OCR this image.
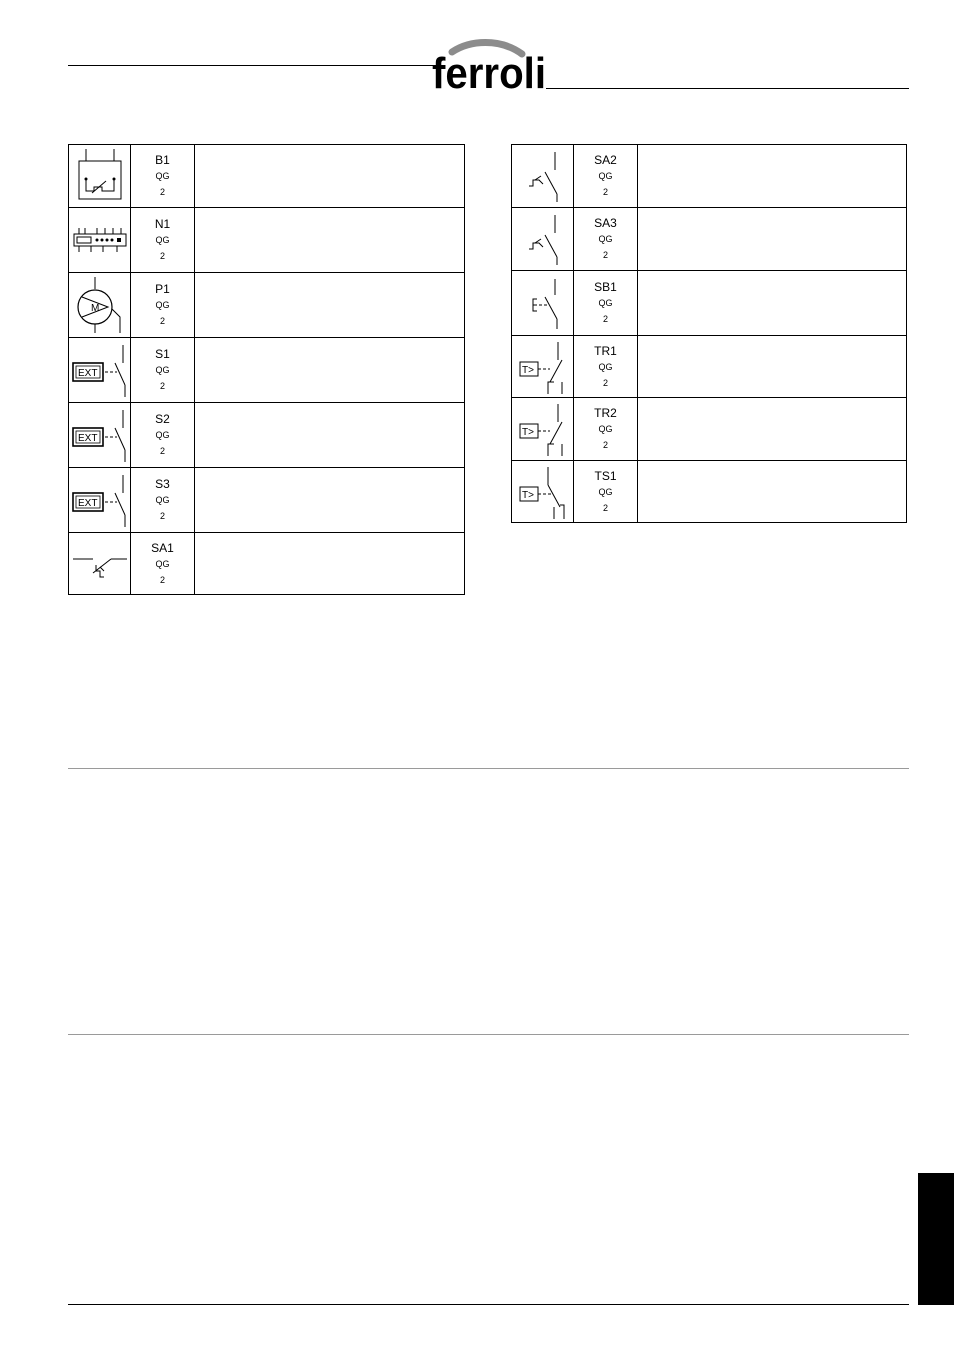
ferroli

B1
QG
2	

N1
QG
2	

M	P1
QG
2	

EXT	S1
QG
2	

EXT	S2
QG
2	

EXT	S3
QG
2	

SA1
QG
2	

SA2
QG
2	

SA3
QG
2	

SB1
QG
2	

T>	TR1
QG
2	

T>	TR2
QG
2	

T>	TS1
QG
2	
